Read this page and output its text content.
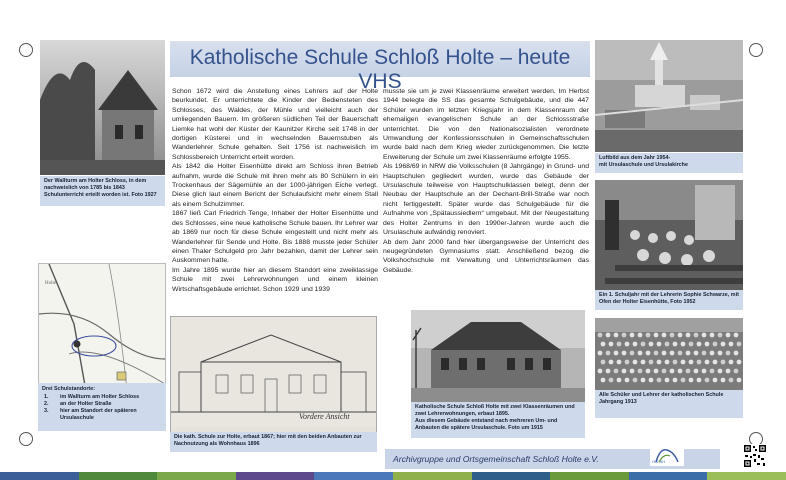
Katholische Schule Schloß Holte – heute VHS
Der Wallturm am Holter Schloss, in dem nachweislich von 1785 bis 1843 Schulunterricht erteilt worden ist. Foto 1927
Holte
Drei Schulstandorte:
1. im Wallturm am Holter Schloss
2. an der Holter Straße
3. hier am Standort der späteren Ursulaschule

Schon 1672 wird die Anstellung eines Lehrers auf der Holte beurkundet. Er unterrichtete die Kinder der Bediensteten des Schlosses, des Waldes, der Mühle und vielleicht auch der umliegenden Bauern. Im größeren südlichen Teil der Bauerschaft Liemke hat wohl der Küster der Kaunitzer Kirche seit 1748 in der dortigen Küsterei und in wechselnden Bauernstuben als Wanderlehrer Schule gehalten. Seit 1756 ist nachweislich im Schlossbereich Unterricht erteilt worden.

Als 1842 die Holter Eisenhütte direkt am Schloss ihren Betrieb aufnahm, wurde die Schule mit ihren mehr als 80 Schülern in ein Trockenhaus der Sägemühle an der 1000-jährigen Eiche verlegt. Diese glich laut einem Bericht der Schulaufsicht mehr einem Stall als einem Schulzimmer.

1867 ließ Carl Friedrich Tenge, Inhaber der Holter Eisenhütte und des Schlosses, eine neue katholische Schule bauen. Ihr Lehrer war ab 1869 nur noch für diese Schule eingestellt und nicht mehr als Wanderlehrer für Sende und Holte. Bis 1888 musste jeder Schüler einen Thaler Schulgeld pro Jahr bezahlen, damit der Lehrer sein Auskommen hatte.

Im Jahre 1895 wurde hier an diesem Standort eine zweiklassige Schule mit zwei Lehrerwohnungen und einem kleinen Wirtschaftsgebäude errichtet. Schon 1929 und 1939

musste sie um je zwei Klassenräume erweitert werden. Im Herbst 1944 belegte die SS das gesamte Schulgebäude, und die 447 Schüler wurden im letzten Kriegsjahr in dem Klassenraum der ehemaligen evangelischen Schule an der Schlossstraße unterrichtet. Die von den Nationalsozialisten verordnete Umwandlung der Konfessionsschulen in Gemeinschaftsschulen wurde bald nach dem Krieg wieder zurückgenommen. Die letzte Erweiterung der Schule um zwei Klassenräume erfolgte 1955.

Als 1968/69 in NRW die Volksschulen (8 Jahrgänge) in Grund- und Hauptschulen gegliedert wurden, wurde das Gebäude der Ursulaschule teilweise von Hauptschulklassen belegt, denn der Neubau der Hauptschule an der Dechant-Brill-Straße war noch nicht fertiggestellt. Später wurde das Schulgebäude für die Aufnahme von „Spätaussiedlern“ umgebaut. Mit der Neugestaltung des Holter Zentrums in den 1990er-Jahren wurde auch die Ursulaschule aufwändig renoviert.

Ab dem Jahr 2000 fand hier übergangsweise der Unterricht des neugegründeten Gymnasiums statt. Anschließend bezog die Volkshochschule mit Verwaltung und Unterrichtsräumen das Gebäude.

Vordere Ansicht
Die kath. Schule zur Holte, erbaut 1867; hier mit den beiden Anbauten zur Nachnutzung als Wohnhaus 1896
Katholische Schule Schloß Holte mit zwei Klassenräumen und zwei Lehrerwohnungen, erbaut 1895.
Aus diesem Gebäude entstand nach mehreren Um- und Anbauten die spätere Ursulaschule. Foto um 1915
Luftbild aus dem Jahr 1954-
mit Ursulaschule und Ursulakirche
Ein 1. Schuljahr mit der Lehrerin Sophie Schwarze, mit Ofen der Holter Eisenhütte, Foto 1952
Alle Schüler und Lehrer der katholischen Schule Jahrgang 1913
Archivgruppe und Ortsgemeinschaft Schloß Holte e.V.	OG-SH
